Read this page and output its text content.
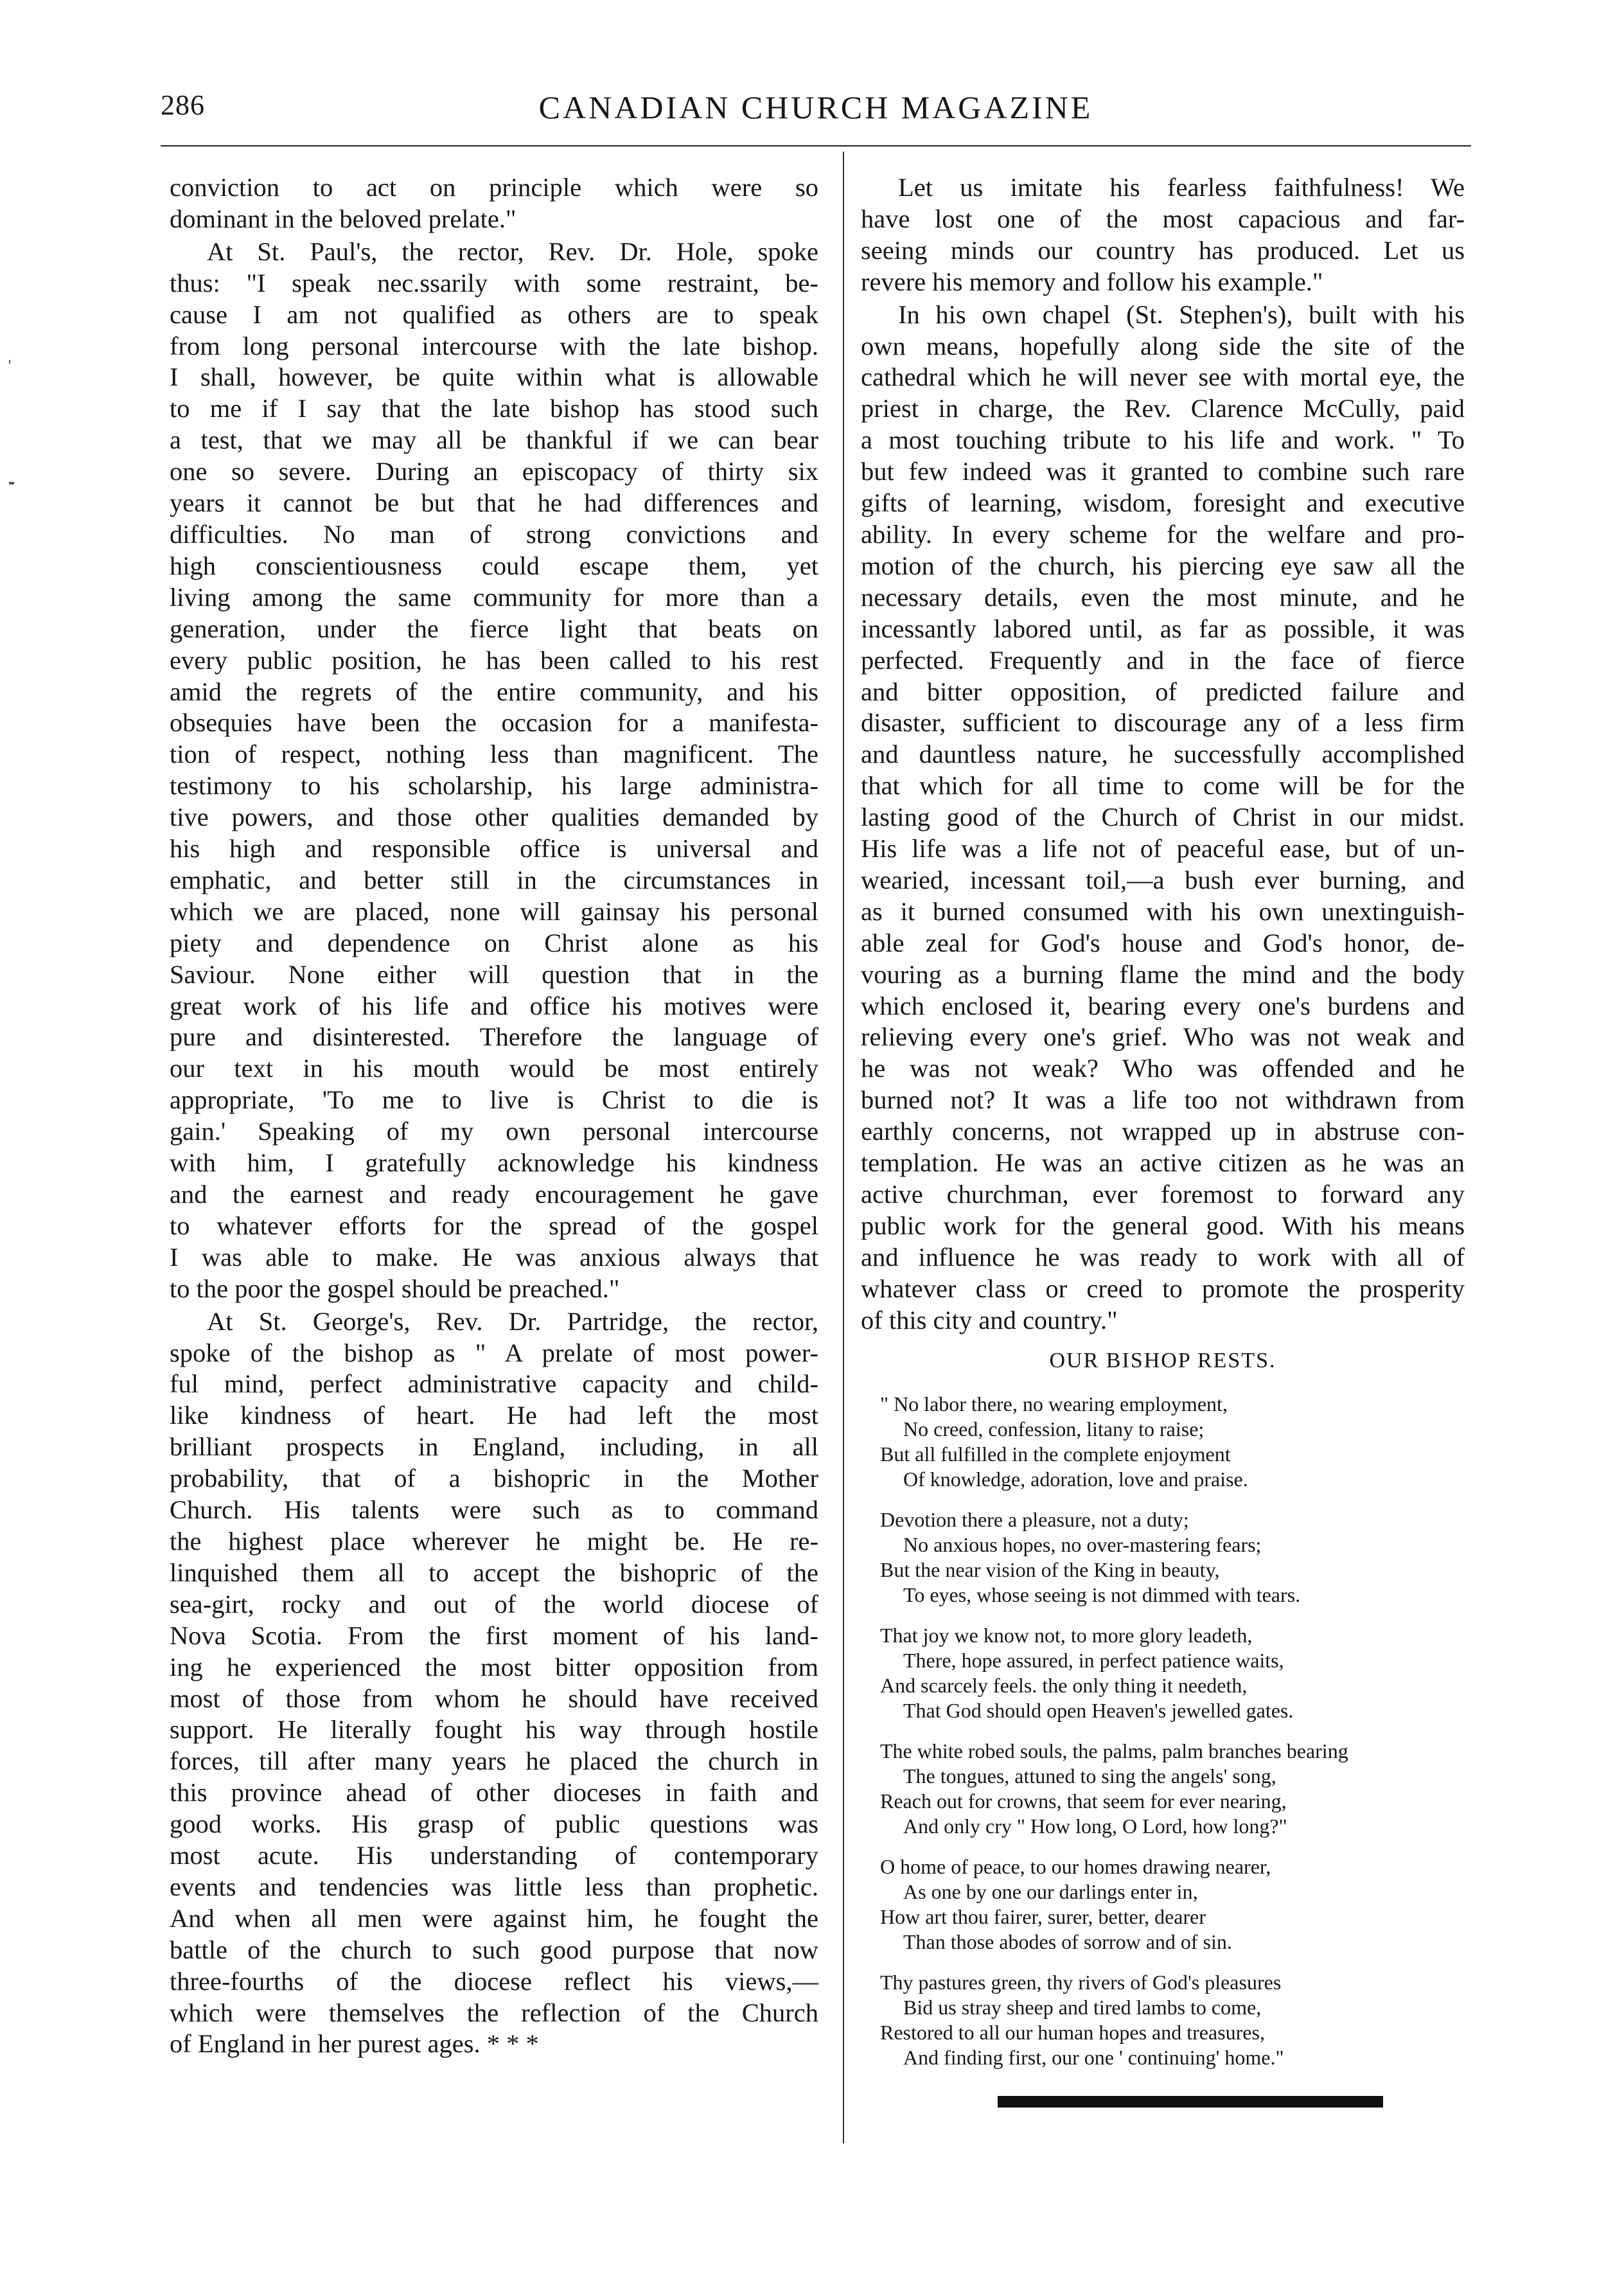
286	CANADIAN CHURCH MAGAZINE
conviction to act on principle which were so
dominant in the beloved prelate."
At St. Paul's, the rector, Rev. Dr. Hole, spoke
thus: "I speak nec.ssarily with some restraint, be-
cause I am not qualified as others are to speak
from long personal intercourse with the late bishop.
I shall, however, be quite within what is allowable
to me if I say that the late bishop has stood such
a test, that we may all be thankful if we can bear
one so severe. During an episcopacy of thirty six
years it cannot be but that he had differences and
difficulties. No man of strong convictions and
high conscientiousness could escape them, yet
living among the same community for more than a
generation, under the fierce light that beats on
every public position, he has been called to his rest
amid the regrets of the entire community, and his
obsequies have been the occasion for a manifesta-
tion of respect, nothing less than magnificent. The
testimony to his scholarship, his large administra-
tive powers, and those other qualities demanded by
his high and responsible office is universal and
emphatic, and better still in the circumstances in
which we are placed, none will gainsay his personal
piety and dependence on Christ alone as his
Saviour. None either will question that in the
great work of his life and office his motives were
pure and disinterested. Therefore the language of
our text in his mouth would be most entirely
appropriate, 'To me to live is Christ to die is
gain.' Speaking of my own personal intercourse
with him, I gratefully acknowledge his kindness
and the earnest and ready encouragement he gave
to whatever efforts for the spread of the gospel
I was able to make. He was anxious always that
to the poor the gospel should be preached."
At St. George's, Rev. Dr. Partridge, the rector,
spoke of the bishop as " A prelate of most power-
ful mind, perfect administrative capacity and child-
like kindness of heart. He had left the most
brilliant prospects in England, including, in all
probability, that of a bishopric in the Mother
Church. His talents were such as to command
the highest place wherever he might be. He re-
linquished them all to accept the bishopric of the
sea-girt, rocky and out of the world diocese of
Nova Scotia. From the first moment of his land-
ing he experienced the most bitter opposition from
most of those from whom he should have received
support. He literally fought his way through hostile
forces, till after many years he placed the church in
this province ahead of other dioceses in faith and
good works. His grasp of public questions was
most acute. His understanding of contemporary
events and tendencies was little less than prophetic.
And when all men were against him, he fought the
battle of the church to such good purpose that now
three-fourths of the diocese reflect his views,—
which were themselves the reflection of the Church
of England in her purest ages. * * *
Let us imitate his fearless faithfulness! We
have lost one of the most capacious and far-
seeing minds our country has produced. Let us
revere his memory and follow his example."
In his own chapel (St. Stephen's), built with his
own means, hopefully along side the site of the
cathedral which he will never see with mortal eye, the
priest in charge, the Rev. Clarence McCully, paid
a most touching tribute to his life and work. " To
but few indeed was it granted to combine such rare
gifts of learning, wisdom, foresight and executive
ability. In every scheme for the welfare and pro-
motion of the church, his piercing eye saw all the
necessary details, even the most minute, and he
incessantly labored until, as far as possible, it was
perfected. Frequently and in the face of fierce
and bitter opposition, of predicted failure and
disaster, sufficient to discourage any of a less firm
and dauntless nature, he successfully accomplished
that which for all time to come will be for the
lasting good of the Church of Christ in our midst.
His life was a life not of peaceful ease, but of un-
wearied, incessant toil,—a bush ever burning, and
as it burned consumed with his own unextinguish-
able zeal for God's house and God's honor, de-
vouring as a burning flame the mind and the body
which enclosed it, bearing every one's burdens and
relieving every one's grief. Who was not weak and
he was not weak? Who was offended and he
burned not? It was a life too not withdrawn from
earthly concerns, not wrapped up in abstruse con-
templation. He was an active citizen as he was an
active churchman, ever foremost to forward any
public work for the general good. With his means
and influence he was ready to work with all of
whatever class or creed to promote the prosperity
of this city and country."
OUR BISHOP RESTS.
" No labor there, no wearing employment,
No creed, confession, litany to raise;
But all fulfilled in the complete enjoyment
Of knowledge, adoration, love and praise.
Devotion there a pleasure, not a duty;
No anxious hopes, no over-mastering fears;
But the near vision of the King in beauty,
To eyes, whose seeing is not dimmed with tears.
That joy we know not, to more glory leadeth,
There, hope assured, in perfect patience waits,
And scarcely feels. the only thing it needeth,
That God should open Heaven's jewelled gates.
The white robed souls, the palms, palm branches bearing
The tongues, attuned to sing the angels' song,
Reach out for crowns, that seem for ever nearing,
And only cry " How long, O Lord, how long?"
O home of peace, to our homes drawing nearer,
As one by one our darlings enter in,
How art thou fairer, surer, better, dearer
Than those abodes of sorrow and of sin.
Thy pastures green, thy rivers of God's pleasures
Bid us stray sheep and tired lambs to come,
Restored to all our human hopes and treasures,
And finding first, our one ' continuing' home."
